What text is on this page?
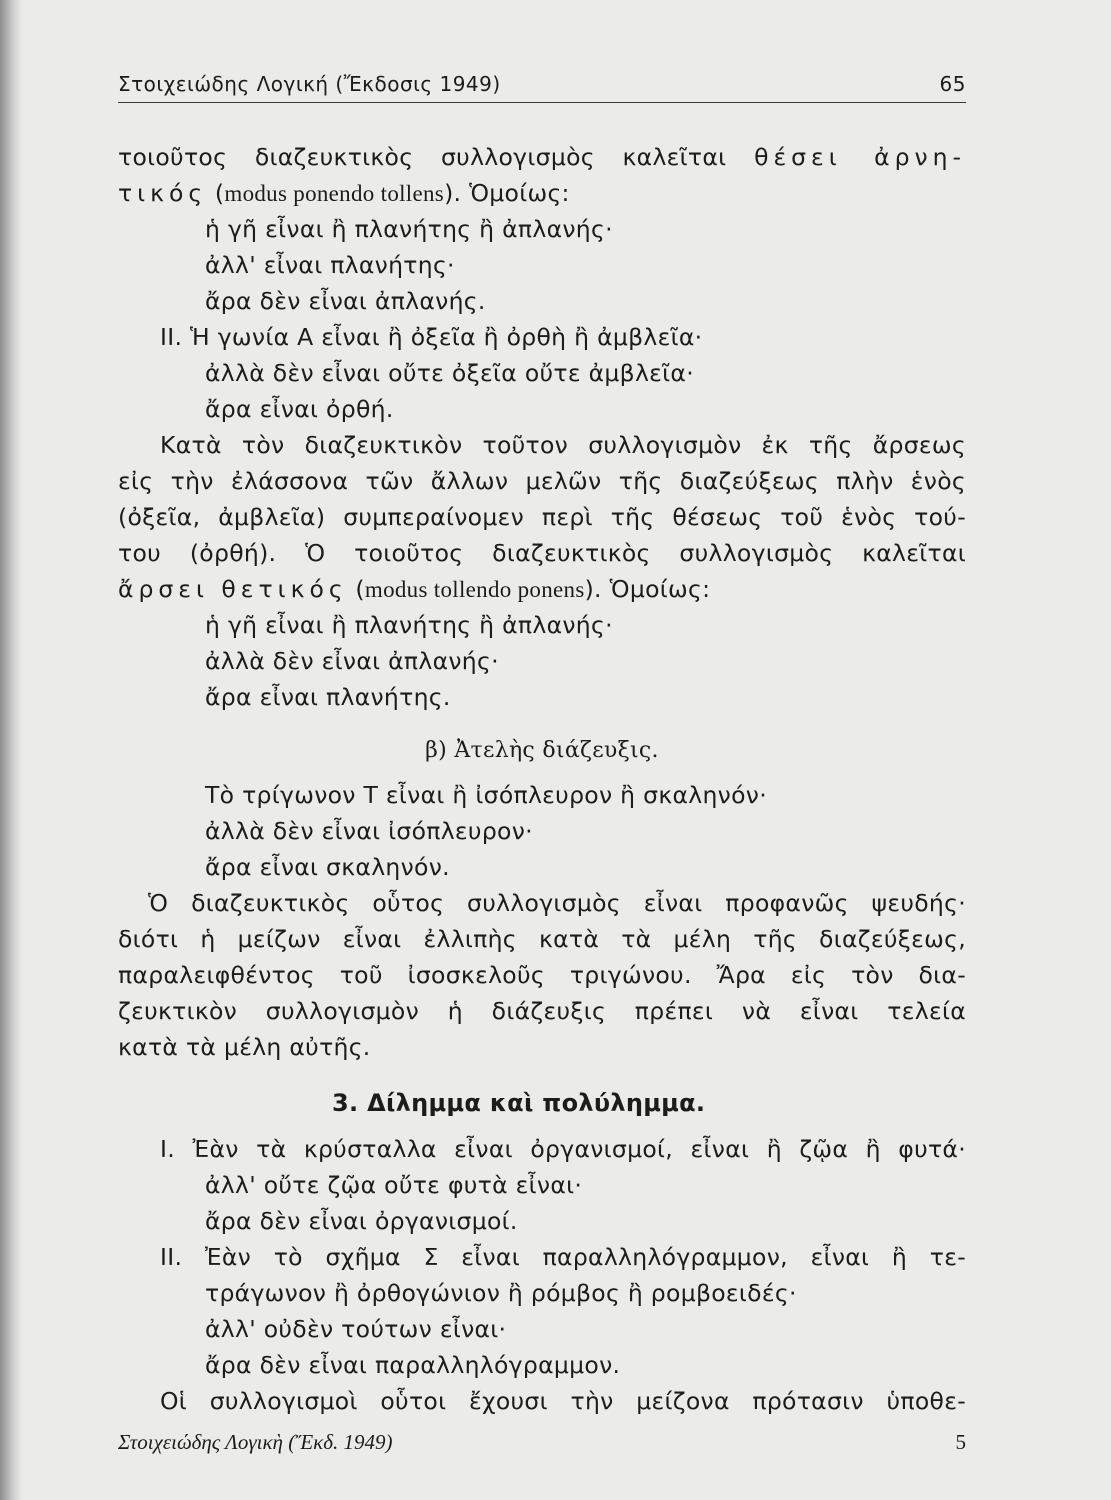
Στοιχειώδης Λογική (Ἔκδοσις 1949)	65
τοιοῦτος διαζευκτικὸς συλλογισμὸς καλεῖται θέσει ἀρνη-
τικός (modus ponendo tollens). Ὁμοίως:
ἡ γῆ εἶναι ἢ πλανήτης ἢ ἀπλανής·
ἀλλ' εἶναι πλανήτης·
ἄρα δὲν εἶναι ἀπλανής.
ΙΙ. Ἡ γωνία Α εἶναι ἢ ὀξεῖα ἢ ὀρθὴ ἢ ἀμβλεῖα·
ἀλλὰ δὲν εἶναι οὔτε ὀξεῖα οὔτε ἀμβλεῖα·
ἄρα εἶναι ὀρθή.
Κατὰ τὸν διαζευκτικὸν τοῦτον συλλογισμὸν ἐκ τῆς ἄρσεως
εἰς τὴν ἐλάσσονα τῶν ἄλλων μελῶν τῆς διαζεύξεως πλὴν ἑνὸς
(ὀξεῖα, ἀμβλεῖα) συμπεραίνομεν περὶ τῆς θέσεως τοῦ ἑνὸς τού-
του (ὀρθή). Ὁ τοιοῦτος διαζευκτικὸς συλλογισμὸς καλεῖται
ἄρσει θετικός (modus tollendo ponens). Ὁμοίως:
ἡ γῆ εἶναι ἢ πλανήτης ἢ ἀπλανής·
ἀλλὰ δὲν εἶναι ἀπλανής·
ἄρα εἶναι πλανήτης.
β) Ἀτελὴς διάζευξις.
Τὸ τρίγωνον Τ εἶναι ἢ ἰσόπλευρον ἢ σκαληνόν·
ἀλλὰ δὲν εἶναι ἰσόπλευρον·
ἄρα εἶναι σκαληνόν.
Ὁ διαζευκτικὸς οὗτος συλλογισμὸς εἶναι προφανῶς ψευδής·
διότι ἡ μείζων εἶναι ἐλλιπὴς κατὰ τὰ μέλη τῆς διαζεύξεως,
παραλειφθέντος τοῦ ἰσοσκελοῦς τριγώνου. Ἄρα εἰς τὸν δια-
ζευκτικὸν συλλογισμὸν ἡ διάζευξις πρέπει νὰ εἶναι τελεία
κατὰ τὰ μέλη αὐτῆς.
3. Δίλημμα καὶ πολύλημμα.
Ι. Ἐὰν τὰ κρύσταλλα εἶναι ὀργανισμοί, εἶναι ἢ ζῷα ἢ φυτά·
ἀλλ' οὔτε ζῷα οὔτε φυτὰ εἶναι·
ἄρα δὲν εἶναι ὀργανισμοί.
ΙΙ. Ἐὰν τὸ σχῆμα Σ εἶναι παραλληλόγραμμον, εἶναι ἢ τε-
τράγωνον ἢ ὀρθογώνιον ἢ ρόμβος ἢ ρομβοειδές·
ἀλλ' οὐδὲν τούτων εἶναι·
ἄρα δὲν εἶναι παραλληλόγραμμον.
Οἱ συλλογισμοὶ οὗτοι ἔχουσι τὴν μείζονα πρότασιν ὑποθε-
Στοιχειώδης Λογικὴ (Ἔκδ. 1949)	5
